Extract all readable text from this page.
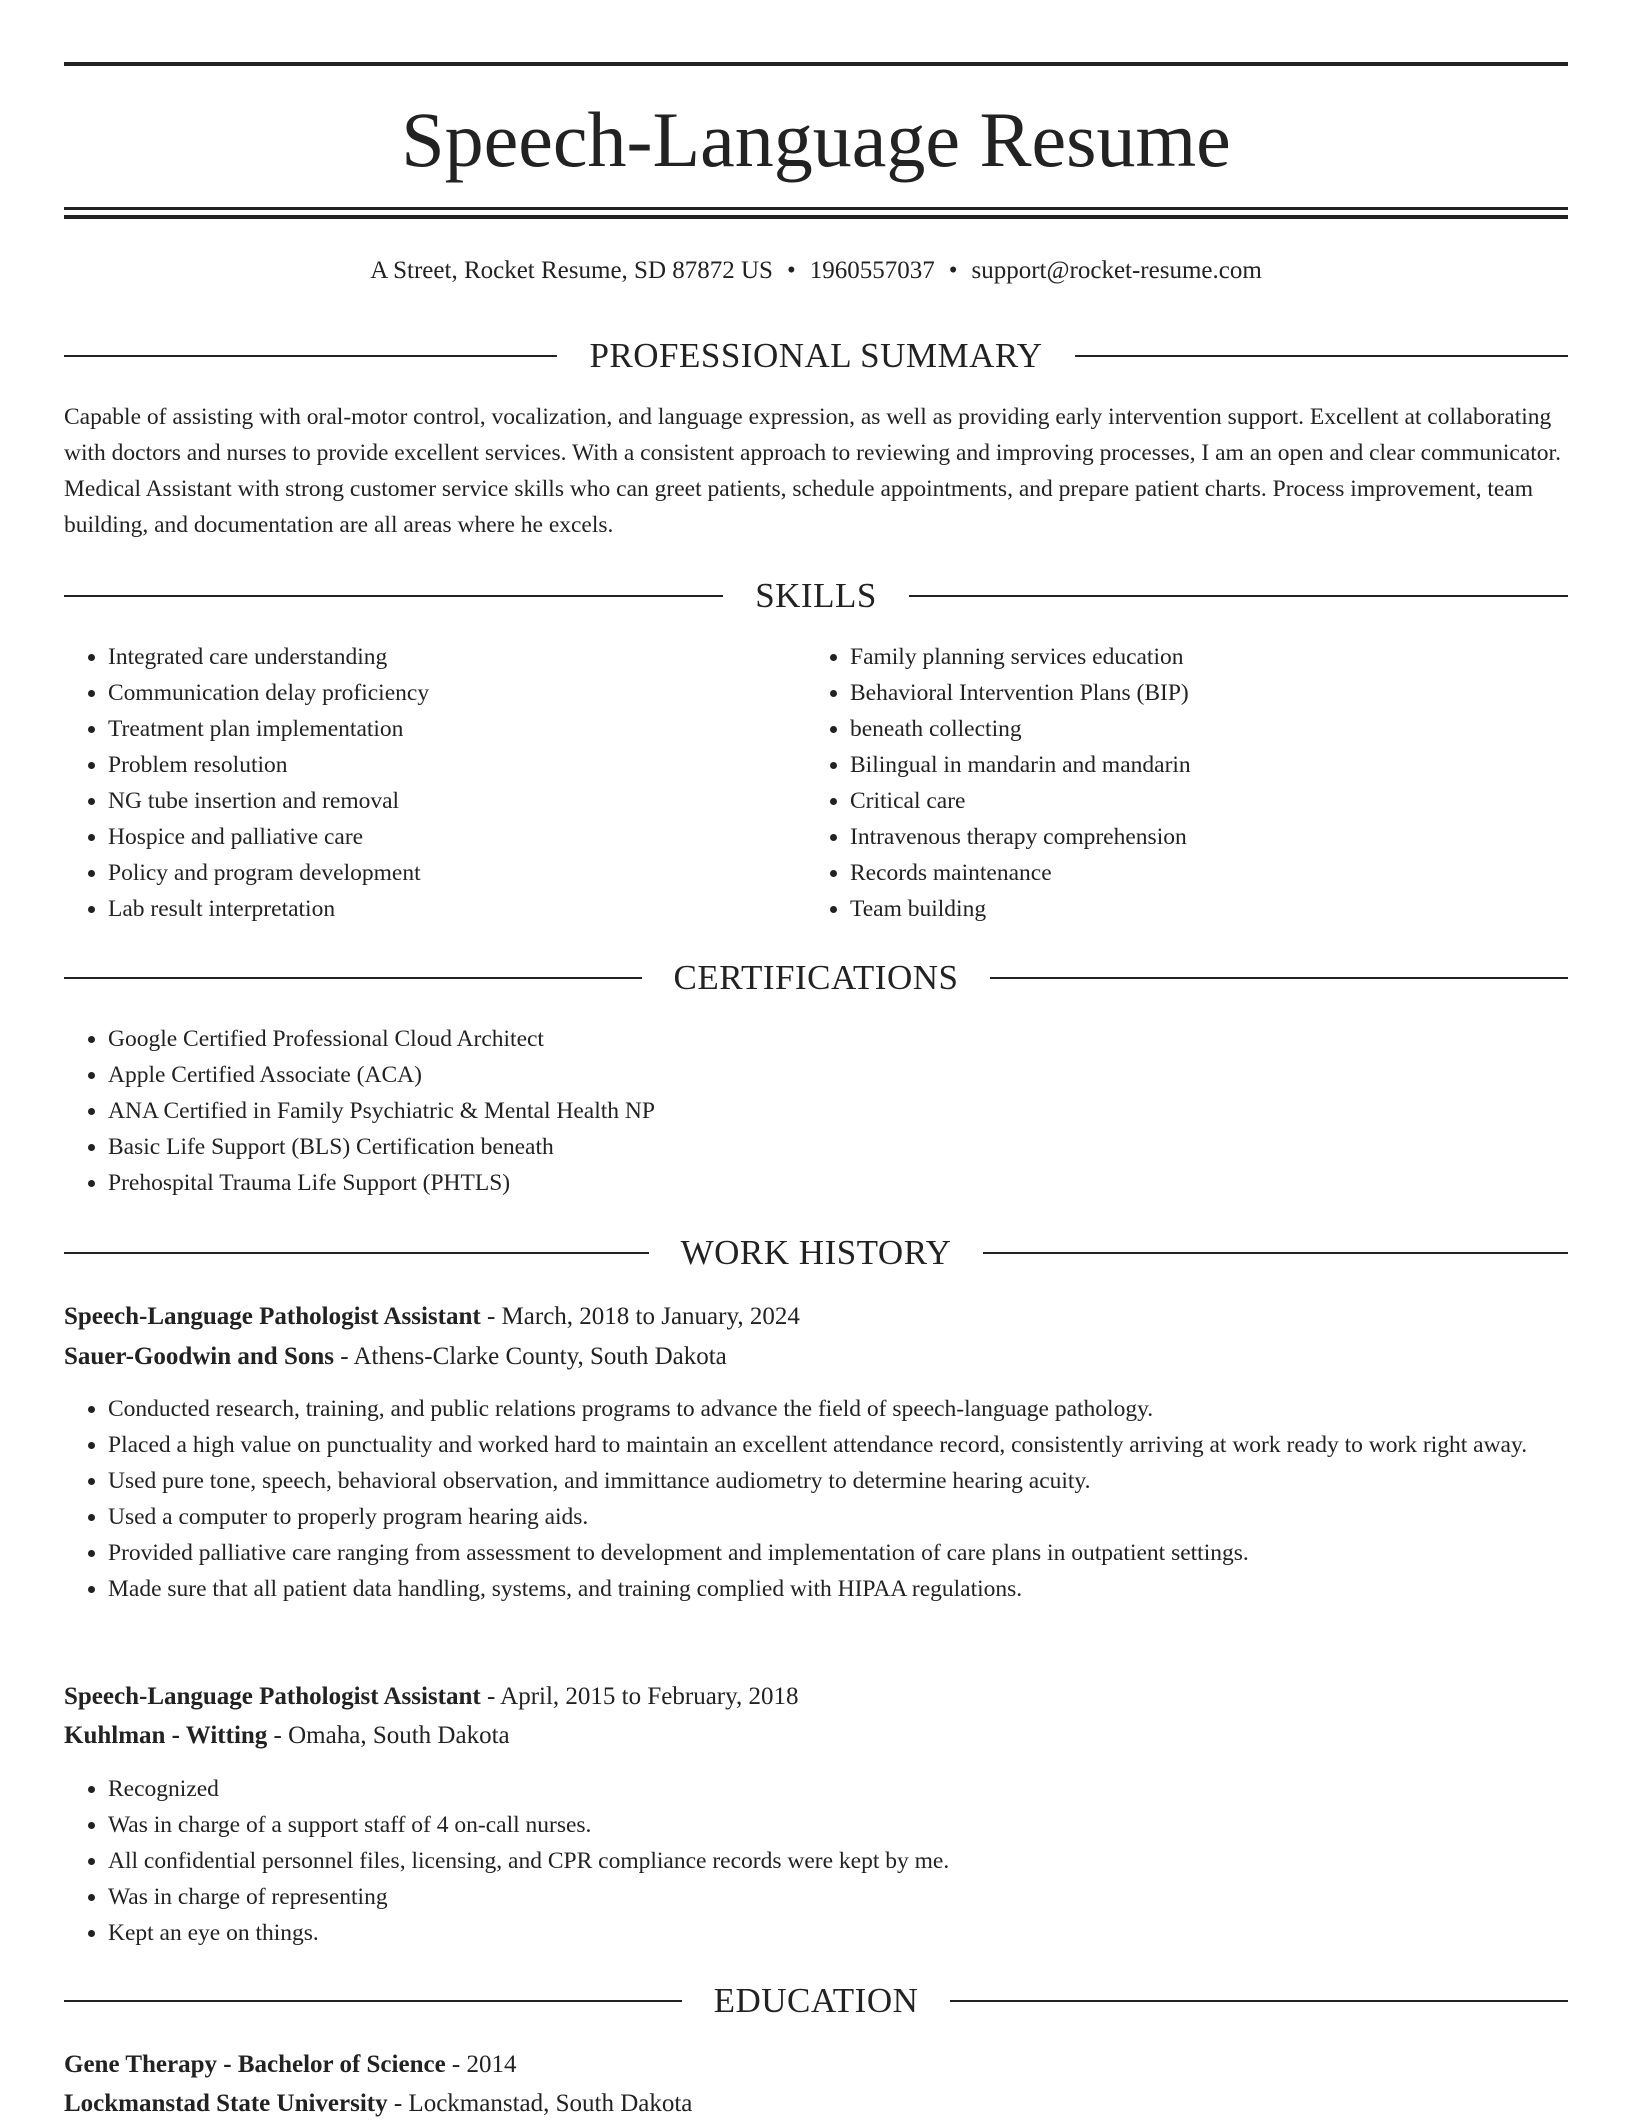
Speech-Language Resume
A Street, Rocket Resume, SD 87872 US • 1960557037 • support@rocket-resume.com
PROFESSIONAL SUMMARY

Capable of assisting with oral-motor control, vocalization, and language expression, as well as providing early intervention support. Excellent at collaborating with doctors and nurses to provide excellent services. With a consistent approach to reviewing and improving processes, I am an open and clear communicator. Medical Assistant with strong customer service skills who can greet patients, schedule appointments, and prepare patient charts. Process improvement, team building, and documentation are all areas where he excels.

SKILLS
• Integrated care understanding
• Communication delay proficiency
• Treatment plan implementation
• Problem resolution
• NG tube insertion and removal
• Hospice and palliative care
• Policy and program development
• Lab result interpretation
• Family planning services education
• Behavioral Intervention Plans (BIP)
• beneath collecting
• Bilingual in mandarin and mandarin
• Critical care
• Intravenous therapy comprehension
• Records maintenance
• Team building
CERTIFICATIONS
• Google Certified Professional Cloud Architect
• Apple Certified Associate (ACA)
• ANA Certified in Family Psychiatric & Mental Health NP
• Basic Life Support (BLS) Certification beneath
• Prehospital Trauma Life Support (PHTLS)
WORK HISTORY
Speech-Language Pathologist Assistant - March, 2018 to January, 2024
Sauer-Goodwin and Sons - Athens-Clarke County, South Dakota
• Conducted research, training, and public relations programs to advance the field of speech-language pathology.
• Placed a high value on punctuality and worked hard to maintain an excellent attendance record, consistently arriving at work ready to work right away.
• Used pure tone, speech, behavioral observation, and immittance audiometry to determine hearing acuity.
• Used a computer to properly program hearing aids.
• Provided palliative care ranging from assessment to development and implementation of care plans in outpatient settings.
• Made sure that all patient data handling, systems, and training complied with HIPAA regulations.
Speech-Language Pathologist Assistant - April, 2015 to February, 2018
Kuhlman - Witting - Omaha, South Dakota
• Recognized
• Was in charge of a support staff of 4 on-call nurses.
• All confidential personnel files, licensing, and CPR compliance records were kept by me.
• Was in charge of representing
• Kept an eye on things.
EDUCATION
Gene Therapy - Bachelor of Science - 2014
Lockmanstad State University - Lockmanstad, South Dakota
